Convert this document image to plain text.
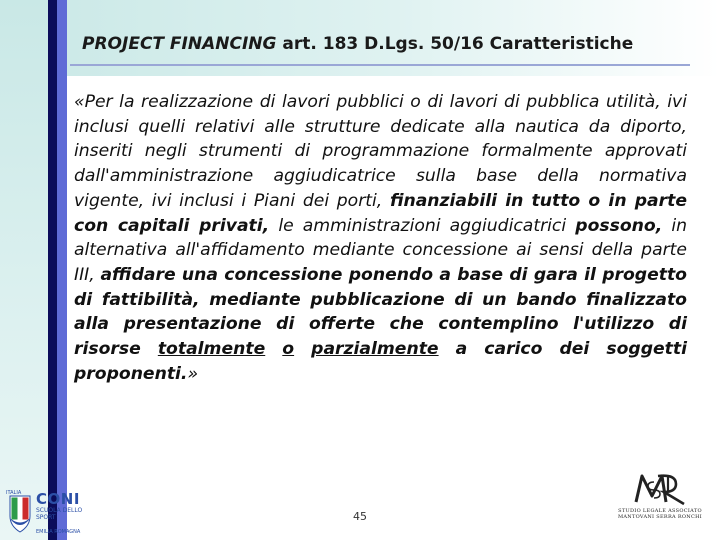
PROJECT FINANCING art. 183 D.Lgs. 50/16 Caratteristiche
«Per la realizzazione di lavori pubblici o di lavori di pubblica utilità, ivi inclusi quelli relativi alle strutture dedicate alla nautica da diporto, inseriti negli strumenti di programmazione formalmente approvati dall'amministrazione aggiudicatrice sulla base della normativa vigente, ivi inclusi i Piani dei porti, finanziabili in tutto o in parte con capitali privati, le amministrazioni aggiudicatrici possono, in alternativa all'affidamento mediante concessione ai sensi della parte III, affidare una concessione ponendo a base di gara il progetto di fattibilità, mediante pubblicazione di un bando finalizzato alla presentazione di offerte che contemplino l'utilizzo di risorse totalmente o parzialmente a carico dei soggetti proponenti.»
45
ITALIA CONI
SCUOLA DELLO SPORT
EMILIA ROMAGNA
STUDIO LEGALE ASSOCIATO
MANTOVANI SERRA RONCHI
